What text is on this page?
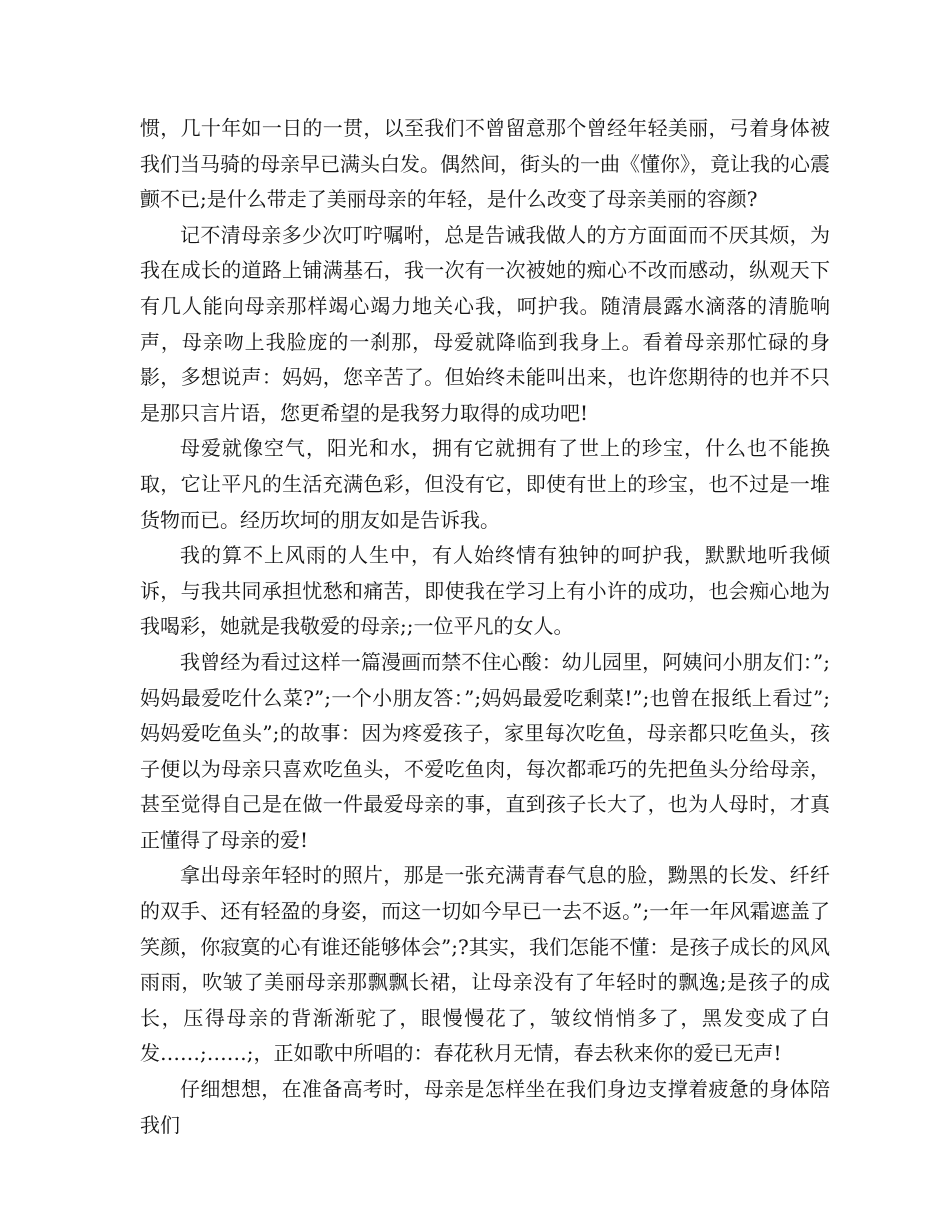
惯，几十年如一日的一贯，以至我们不曾留意那个曾经年轻美丽，弓着身体被我们当马骑的母亲早已满头白发。偶然间，街头的一曲《懂你》，竟让我的心震颤不已;是什么带走了美丽母亲的年轻，是什么改变了母亲美丽的容颜?

记不清母亲多少次叮咛嘱咐，总是告诫我做人的方方面面而不厌其烦，为我在成长的道路上铺满基石，我一次有一次被她的痴心不改而感动，纵观天下有几人能向母亲那样竭心竭力地关心我，呵护我。随清晨露水滴落的清脆响声，母亲吻上我脸庞的一刹那，母爱就降临到我身上。看着母亲那忙碌的身影，多想说声：妈妈，您辛苦了。但始终未能叫出来，也许您期待的也并不只是那只言片语，您更希望的是我努力取得的成功吧!

母爱就像空气，阳光和水，拥有它就拥有了世上的珍宝，什么也不能换取，它让平凡的生活充满色彩，但没有它，即使有世上的珍宝，也不过是一堆货物而已。经历坎坷的朋友如是告诉我。

我的算不上风雨的人生中，有人始终情有独钟的呵护我，默默地听我倾诉，与我共同承担忧愁和痛苦，即使我在学习上有小许的成功，也会痴心地为我喝彩，她就是我敬爱的母亲;;一位平凡的女人。

我曾经为看过这样一篇漫画而禁不住心酸：幼儿园里，阿姨问小朋友们：”;妈妈最爱吃什么菜?”;一个小朋友答：”;妈妈最爱吃剩菜!”;也曾在报纸上看过”;妈妈爱吃鱼头”;的故事：因为疼爱孩子，家里每次吃鱼，母亲都只吃鱼头，孩子便以为母亲只喜欢吃鱼头，不爱吃鱼肉，每次都乖巧的先把鱼头分给母亲，甚至觉得自己是在做一件最爱母亲的事，直到孩子长大了，也为人母时，才真正懂得了母亲的爱!

拿出母亲年轻时的照片，那是一张充满青春气息的脸，黝黑的长发、纤纤的双手、还有轻盈的身姿，而这一切如今早已一去不返。”;一年一年风霜遮盖了笑颜，你寂寞的心有谁还能够体会”;?其实，我们怎能不懂：是孩子成长的风风雨雨，吹皱了美丽母亲那飘飘长裙，让母亲没有了年轻时的飘逸;是孩子的成长，压得母亲的背渐渐驼了，眼慢慢花了，皱纹悄悄多了，黑发变成了白发……;……;，正如歌中所唱的：春花秋月无情，春去秋来你的爱已无声!

仔细想想，在准备高考时，母亲是怎样坐在我们身边支撑着疲惫的身体陪我们
